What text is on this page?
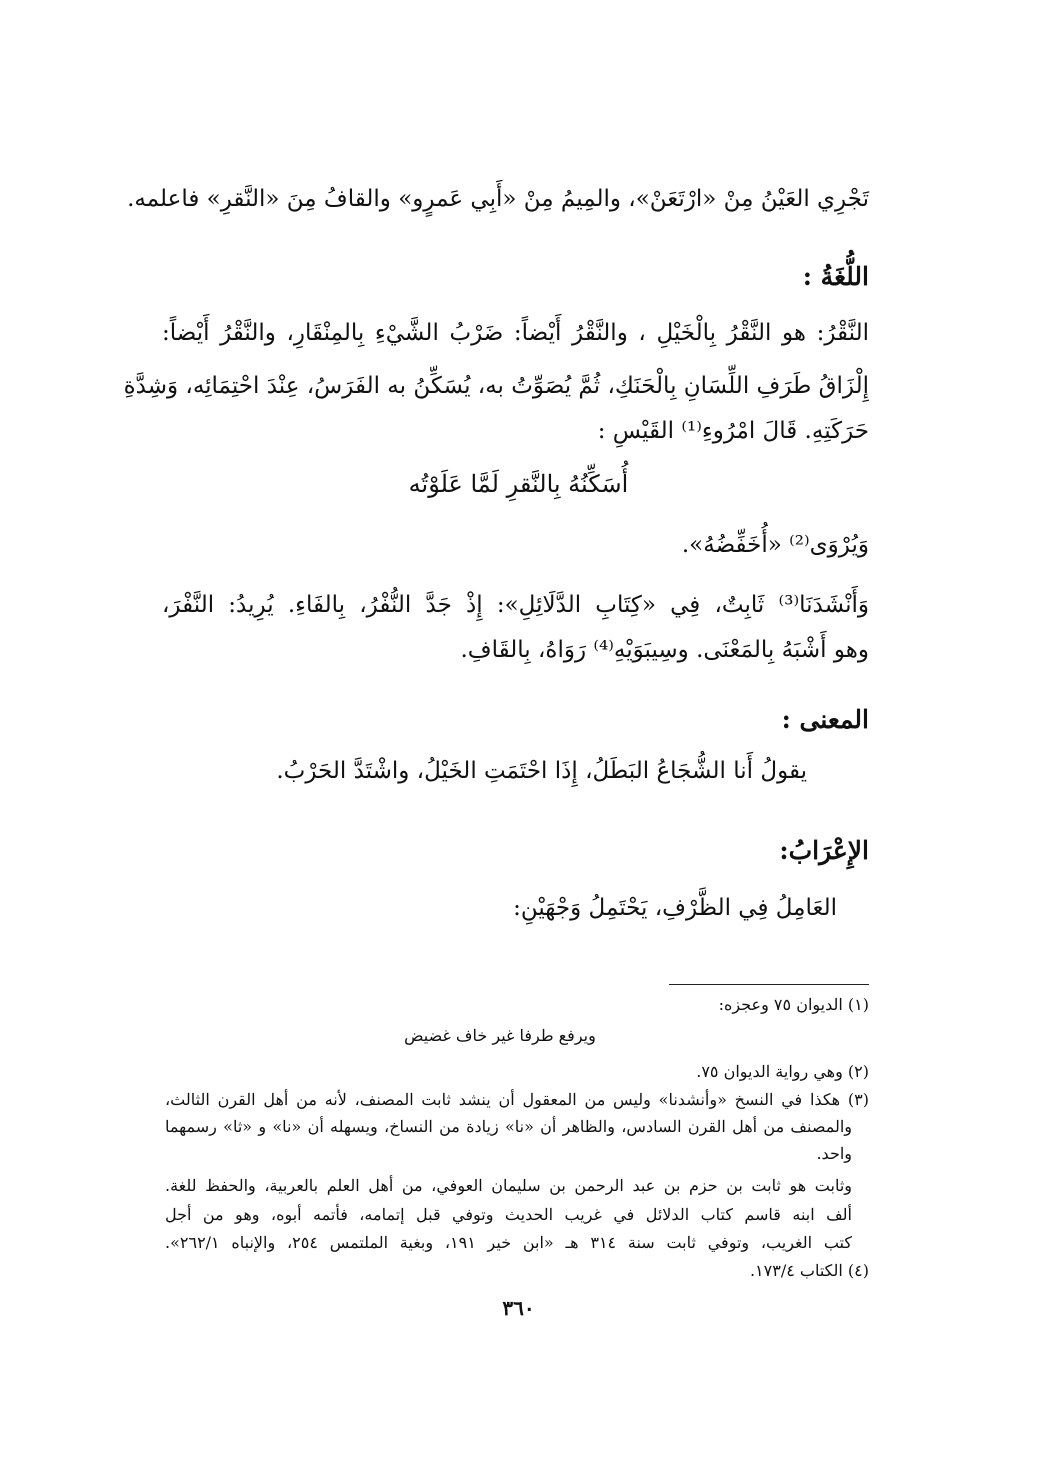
تَجْرِي العَيْنُ مِنْ «ارْتَعَنْ»، والمِيمُ مِنْ «أَبِي عَمرٍو» والقافُ مِنَ «النَّقرِ» فاعلمه.
اللُّغَةُ :
النَّقْرُ: هو النَّقْرُ بِالْخَيْلِ ، والنَّقْرُ أَيْضاً: ضَرْبُ الشَّيْءِ بِالمِنْقَارِ، والنَّقْرُ أَيْضاً:
إِلْزَاقُ طَرَفِ اللِّسَانِ بِالْحَنَكِ، ثُمَّ يُصَوِّتُ به، يُسَكِّنُ به الفَرَسُ، عِنْدَ احْتِمَائِه، وَشِدَّةِ
حَرَكَتِهِ. قَالَ امْرُوءِ⁽¹⁾ القَيْسِ :
أُسَكِّنُهُ بِالنَّقرِ لَمَّا عَلَوْتُه
وَيُرْوَى⁽²⁾ «أُخَفِّضُهُ».
وَأَنْشَدَنَا⁽³⁾ ثَابِتٌ، فِي «كِتَابِ الدَّلَائِلِ»: إِذْ جَدَّ النُّفْرُ، بِالفَاءِ. يُرِيدُ: النَّفْرَ،
وهو أَشْبَهُ بِالمَعْنَى. وسِيبَوَيْهِ⁽⁴⁾ رَوَاهُ، بِالقَافِ.
المعنى :
يقولُ أَنا الشُّجَاعُ البَطَلُ، إِذَا احْتَمَتِ الخَيْلُ، واشْتَدَّ الحَرْبُ.
الإِعْرَابُ:
العَامِلُ فِي الظَّرْفِ، يَحْتَمِلُ وَجْهَيْنِ:
(١) الديوان ٧٥ وعجزه:
ويرفع طرفا غير خاف غضيض
(٢) وهي رواية الديوان ٧٥.
(٣) هكذا في النسخ «وأنشدنا» وليس من المعقول أن ينشد ثابت المصنف، لأنه من أهل القرن الثالث،
والمصنف من أهل القرن السادس، والظاهر أن «نا» زيادة من النساخ، ويسهله أن «نا» و «ثا» رسمهما
واحد.
وثابت هو ثابت بن حزم بن عبد الرحمن بن سليمان العوفي، من أهل العلم بالعربية، والحفظ للغة.
ألف ابنه قاسم كتاب الدلائل في غريب الحديث وتوفي قبل إتمامه، فأتمه أبوه، وهو من أجل
كتب الغريب، وتوفي ثابت سنة ٣١٤ هـ «ابن خير ١٩١، وبغية الملتمس ٢٥٤، والإنباه ٢٦٢/١».
(٤) الكتاب ١٧٣/٤.
٣٦٠
